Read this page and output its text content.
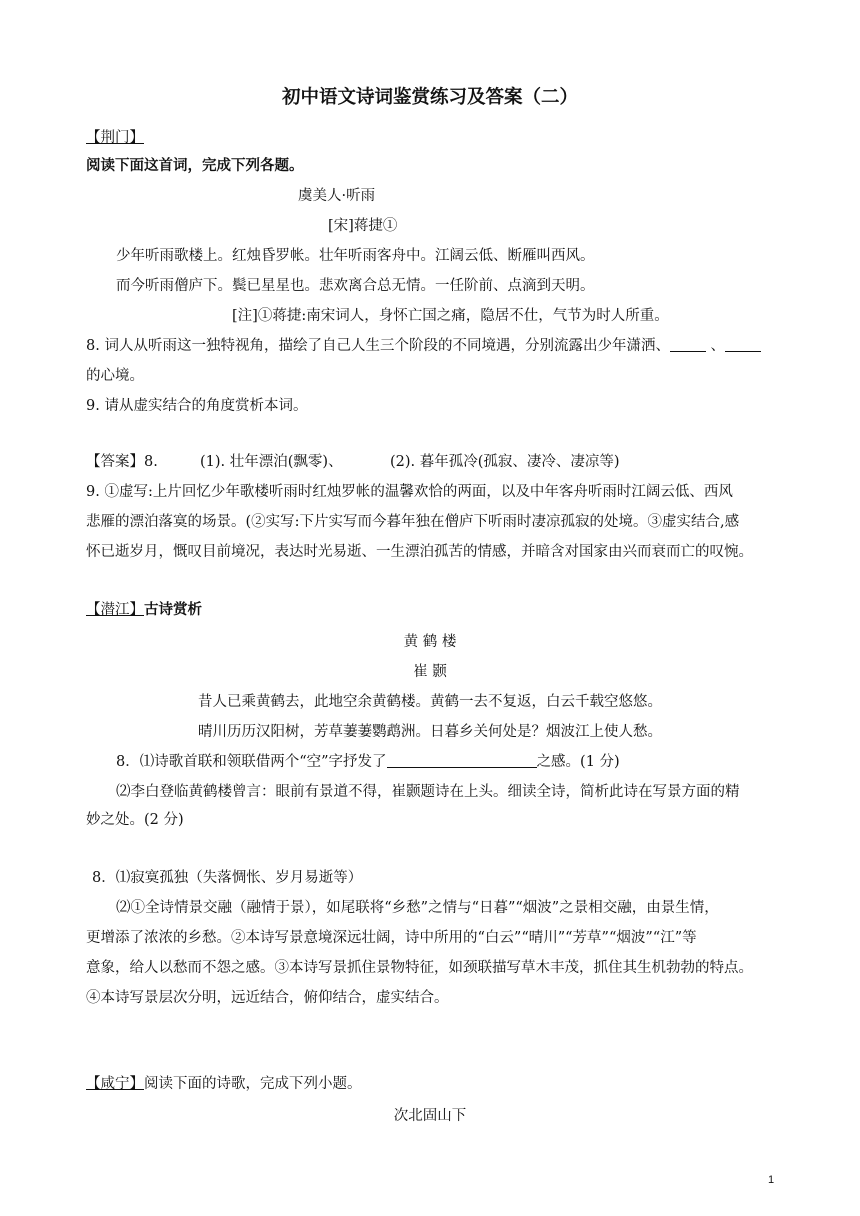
初中语文诗词鉴赏练习及答案（二）
【荆门】
阅读下面这首词，完成下列各题。
虞美人·听雨
[宋]蒋捷①
少年听雨歌楼上。红烛昏罗帐。壮年听雨客舟中。江阔云低、断雁叫西风。
而今听雨僧庐下。鬓已星星也。悲欢离合总无情。一任阶前、点滴到天明。
[注]①蒋捷:南宋词人，身怀亡国之痛，隐居不仕，气节为时人所重。
8. 词人从听雨这一独特视角，描绘了自己人生三个阶段的不同境遇，分别流露出少年潇洒、 、
的心境。
9. 请从虚实结合的角度赏析本词。
【答案】8.	(1). 壮年漂泊(飘零)、	(2). 暮年孤冷(孤寂、凄冷、凄凉等)
9. ①虚写:上片回忆少年歌楼听雨时红烛罗帐的温馨欢恰的两面，以及中年客舟听雨时江阔云低、西风
悲雁的漂泊落寞的场景。(②实写:下片实写而今暮年独在僧庐下听雨时凄凉孤寂的处境。③虚实结合,感
怀已逝岁月，慨叹目前境况，表达时光易逝、一生漂泊孤苦的情感，并暗含对国家由兴而衰而亡的叹惋。
【潜江】古诗赏析
黄 鹤 楼
崔 颢
昔人已乘黄鹤去，此地空余黄鹤楼。黄鹤一去不复返，白云千载空悠悠。
晴川历历汉阳树，芳草萋萋鹦鹉洲。日暮乡关何处是？烟波江上使人愁。
8．⑴诗歌首联和领联借两个“空”字抒发了	之感。(1 分)
⑵李白登临黄鹤楼曾言：眼前有景道不得，崔颢题诗在上头。细读全诗，简析此诗在写景方面的精
妙之处。(2 分)
8．⑴寂寞孤独（失落惆怅、岁月易逝等）
⑵①全诗情景交融（融情于景），如尾联将“乡愁”之情与“日暮”“烟波”之景相交融，由景生情，
更增添了浓浓的乡愁。②本诗写景意境深远壮阔，诗中所用的“白云”“晴川”“芳草”“烟波”“江”等
意象，给人以愁而不怨之感。③本诗写景抓住景物特征，如颈联描写草木丰茂，抓住其生机勃勃的特点。
④本诗写景层次分明，远近结合，俯仰结合，虚实结合。
【咸宁】阅读下面的诗歌，完成下列小题。
次北固山下
1
